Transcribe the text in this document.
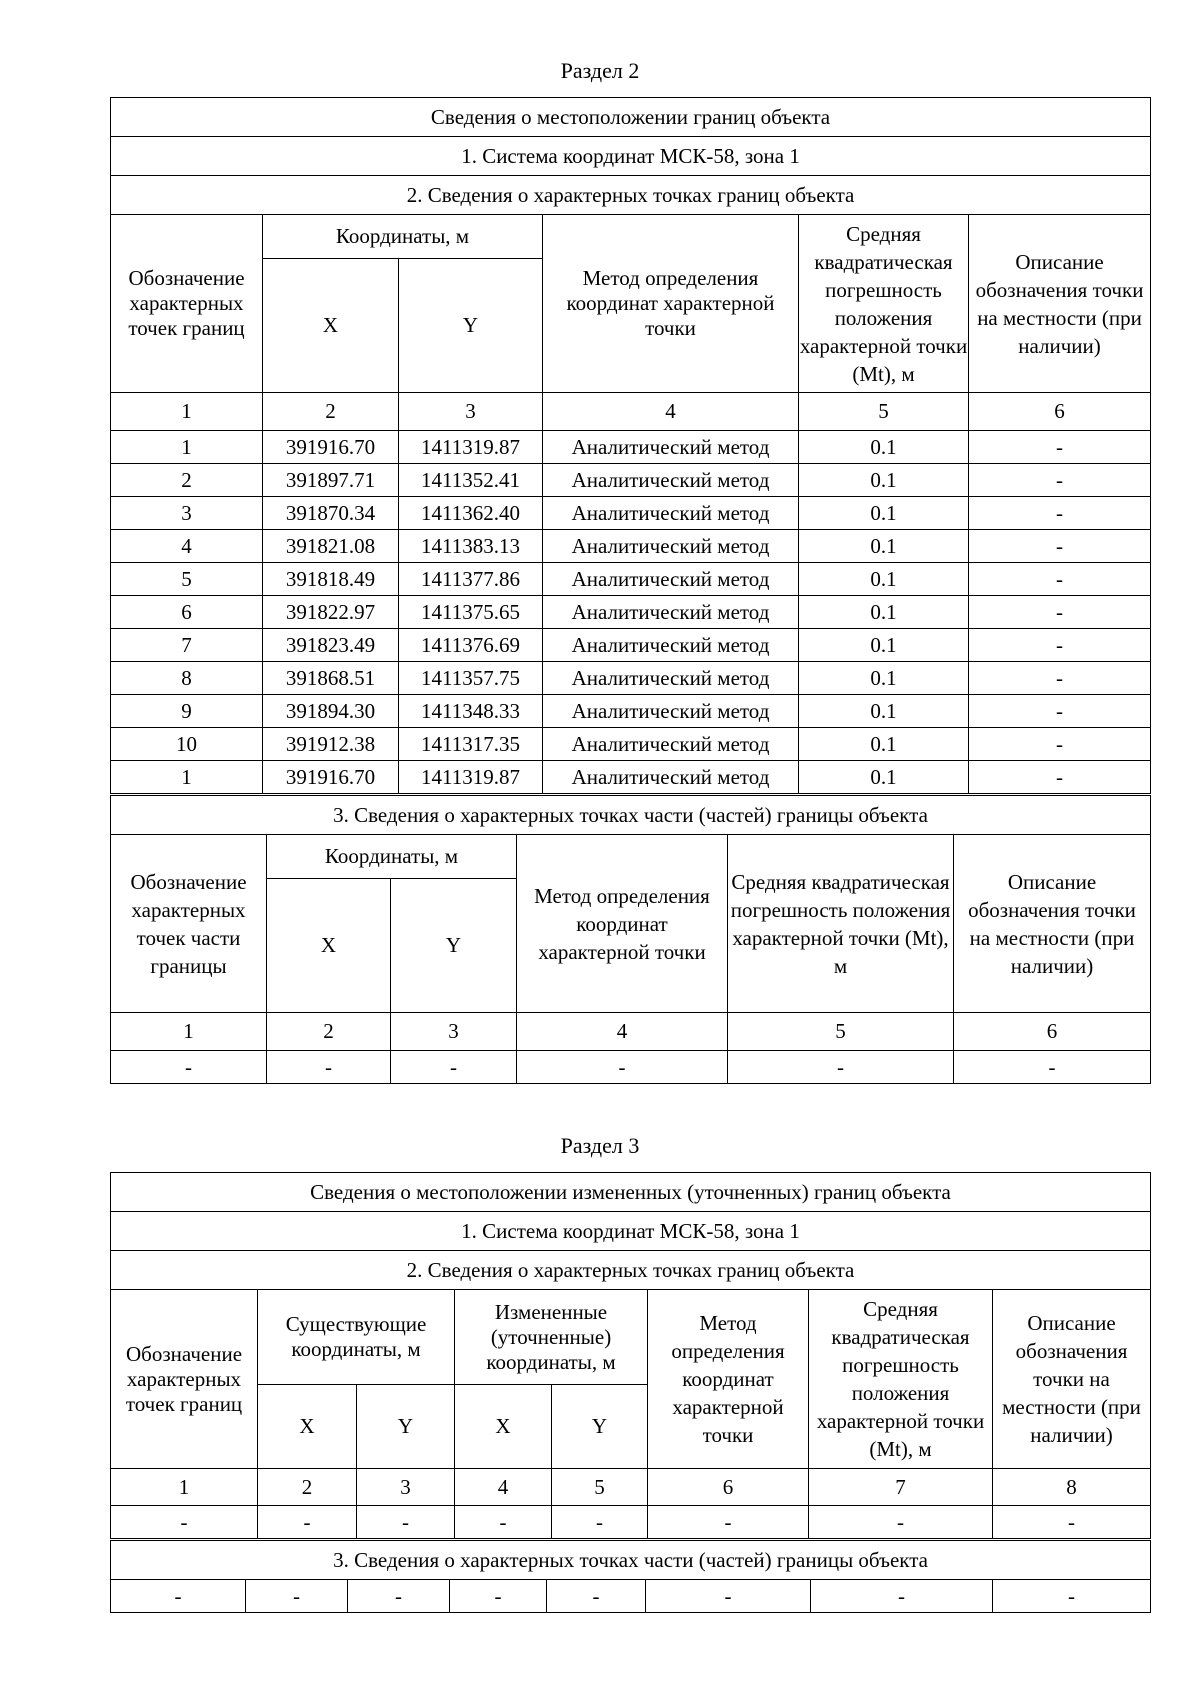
Раздел 2
Сведения о местоположении границ объекта					
1. Система координат МСК-58, зона 1					
2. Сведения о характерных точках границ объекта					
Обозначение характерных точек границ	Координаты, м		Метод определения координат характерной точки	Средняя квадратическая погрешность положения характерной точки (Mt), м	Описание обозначения точки на местности (при наличии)
	X	Y			
1	2	3	4	5	6
1	391916.70	1411319.87	Аналитический метод	0.1	-
2	391897.71	1411352.41	Аналитический метод	0.1	-
3	391870.34	1411362.40	Аналитический метод	0.1	-
4	391821.08	1411383.13	Аналитический метод	0.1	-
5	391818.49	1411377.86	Аналитический метод	0.1	-
6	391822.97	1411375.65	Аналитический метод	0.1	-
7	391823.49	1411376.69	Аналитический метод	0.1	-
8	391868.51	1411357.75	Аналитический метод	0.1	-
9	391894.30	1411348.33	Аналитический метод	0.1	-
10	391912.38	1411317.35	Аналитический метод	0.1	-
1	391916.70	1411319.87	Аналитический метод	0.1	-
3. Сведения о характерных точках части (частей) границы объекта					
Обозначение характерных точек части границы	Координаты, м		Метод определения координат характерной точки	Средняя квадратическая погрешность положения характерной точки (Mt), м	Описание обозначения точки на местности (при наличии)
	X	Y			
1	2	3	4	5	6
-	-	-	-	-	-
Раздел 3
Сведения о местоположении измененных (уточненных) границ объекта							
1. Система координат МСК-58, зона 1							
2. Сведения о характерных точках границ объекта							
Обозначение характерных точек границ	Существующие координаты, м		Измененные (уточненные) координаты, м		Метод определения координат характерной точки	Средняя квадратическая погрешность положения характерной точки (Mt), м	Описание обозначения точки на местности (при наличии)
	X	Y	X	Y			
1	2	3	4	5	6	7	8
-	-	-	-	-	-	-	-
3. Сведения о характерных точках части (частей) границы объекта
-	-	-	-	-	-	-	-
